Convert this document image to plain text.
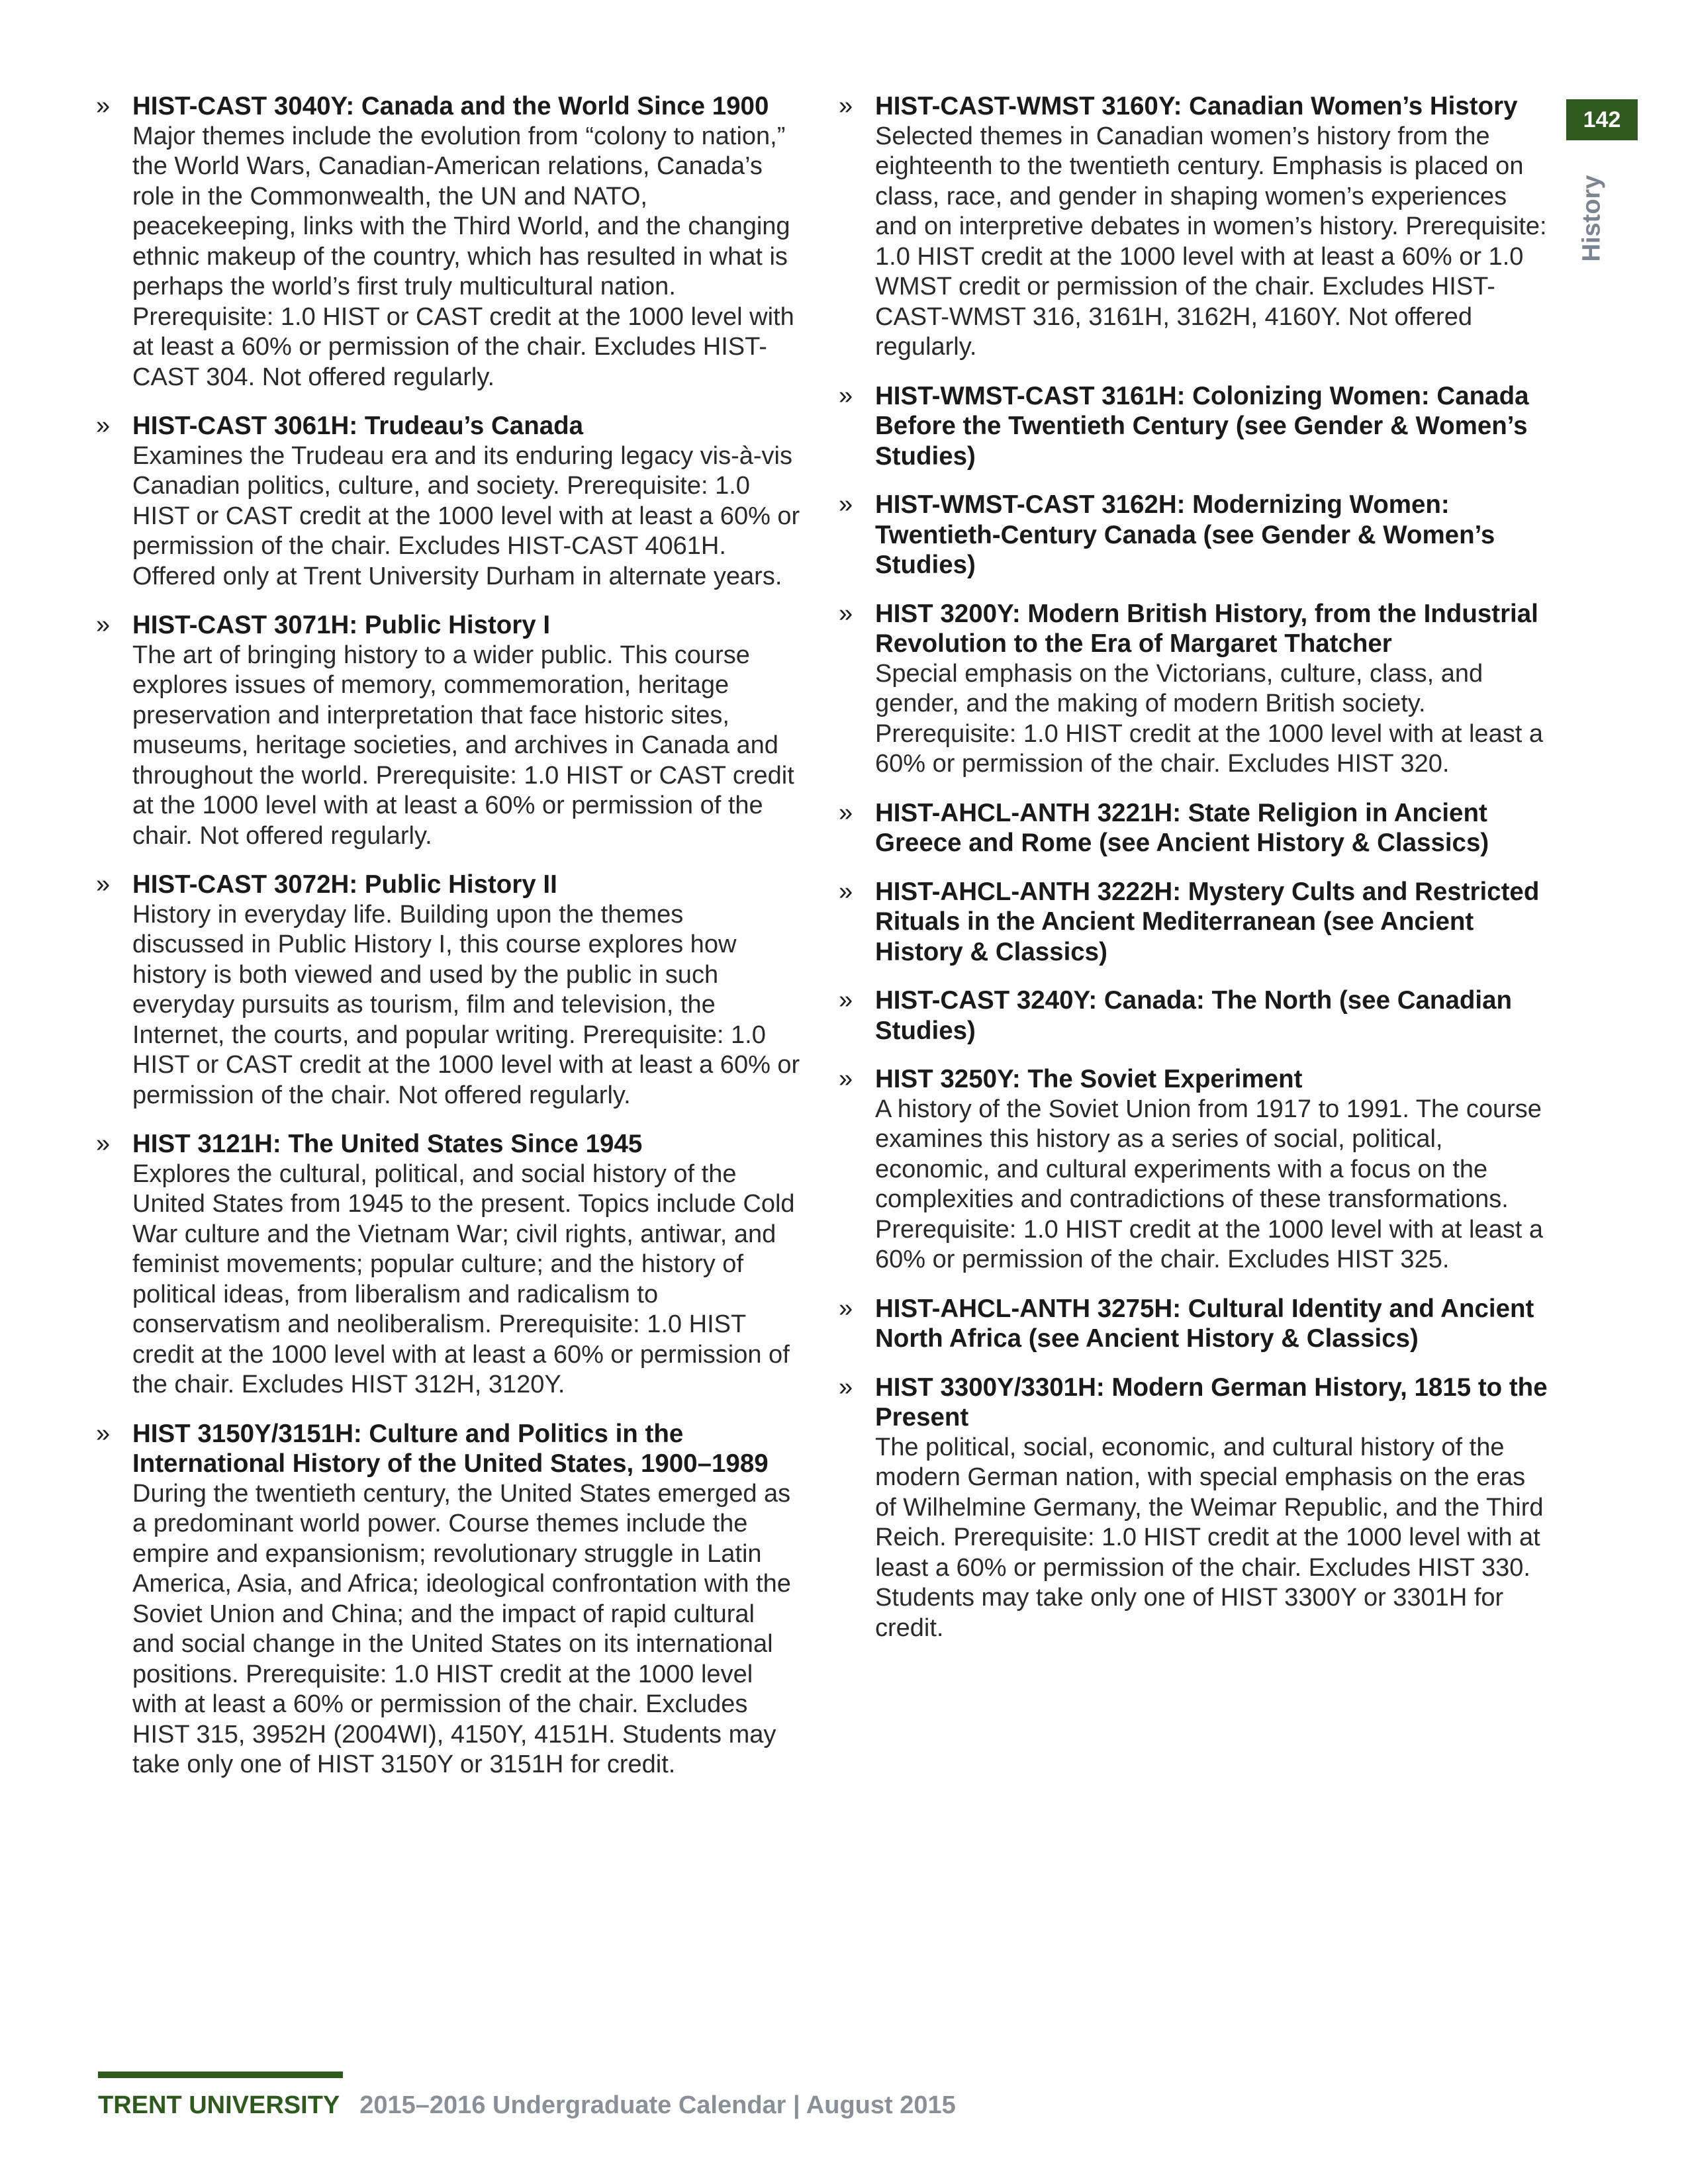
» HIST-CAST 3040Y: Canada and the World Since 1900
Major themes include the evolution from “colony to nation,” the World Wars, Canadian-American relations, Canada’s role in the Commonwealth, the UN and NATO, peacekeeping, links with the Third World, and the changing ethnic makeup of the country, which has resulted in what is perhaps the world’s first truly multicultural nation. Prerequisite: 1.0 HIST or CAST credit at the 1000 level with at least a 60% or permission of the chair. Excludes HIST-CAST 304. Not offered regularly.
» HIST-CAST 3061H: Trudeau’s Canada
Examines the Trudeau era and its enduring legacy vis-à-vis Canadian politics, culture, and society. Prerequisite: 1.0 HIST or CAST credit at the 1000 level with at least a 60% or permission of the chair. Excludes HIST-CAST 4061H. Offered only at Trent University Durham in alternate years.
» HIST-CAST 3071H: Public History I
The art of bringing history to a wider public. This course explores issues of memory, commemoration, heritage preservation and interpretation that face historic sites, museums, heritage societies, and archives in Canada and throughout the world. Prerequisite: 1.0 HIST or CAST credit at the 1000 level with at least a 60% or permission of the chair. Not offered regularly.
» HIST-CAST 3072H: Public History II
History in everyday life. Building upon the themes discussed in Public History I, this course explores how history is both viewed and used by the public in such everyday pursuits as tourism, film and television, the Internet, the courts, and popular writing. Prerequisite: 1.0 HIST or CAST credit at the 1000 level with at least a 60% or permission of the chair. Not offered regularly.
» HIST 3121H: The United States Since 1945
Explores the cultural, political, and social history of the United States from 1945 to the present. Topics include Cold War culture and the Vietnam War; civil rights, antiwar, and feminist movements; popular culture; and the history of political ideas, from liberalism and radicalism to conservatism and neoliberalism. Prerequisite: 1.0 HIST credit at the 1000 level with at least a 60% or permission of the chair. Excludes HIST 312H, 3120Y.
» HIST 3150Y/3151H: Culture and Politics in the International History of the United States, 1900–1989
During the twentieth century, the United States emerged as a predominant world power. Course themes include the empire and expansionism; revolutionary struggle in Latin America, Asia, and Africa; ideological confrontation with the Soviet Union and China; and the impact of rapid cultural and social change in the United States on its international positions. Prerequisite: 1.0 HIST credit at the 1000 level with at least a 60% or permission of the chair. Excludes HIST 315, 3952H (2004WI), 4150Y, 4151H. Students may take only one of HIST 3150Y or 3151H for credit.
» HIST-CAST-WMST 3160Y: Canadian Women’s History
Selected themes in Canadian women’s history from the eighteenth to the twentieth century. Emphasis is placed on class, race, and gender in shaping women’s experiences and on interpretive debates in women’s history. Prerequisite: 1.0 HIST credit at the 1000 level with at least a 60% or 1.0 WMST credit or permission of the chair. Excludes HIST-CAST-WMST 316, 3161H, 3162H, 4160Y. Not offered regularly.
» HIST-WMST-CAST 3161H: Colonizing Women: Canada Before the Twentieth Century (see Gender & Women’s Studies)
» HIST-WMST-CAST 3162H: Modernizing Women: Twentieth-Century Canada (see Gender & Women’s Studies)
» HIST 3200Y: Modern British History, from the Industrial Revolution to the Era of Margaret Thatcher
Special emphasis on the Victorians, culture, class, and gender, and the making of modern British society. Prerequisite: 1.0 HIST credit at the 1000 level with at least a 60% or permission of the chair. Excludes HIST 320.
» HIST-AHCL-ANTH 3221H: State Religion in Ancient Greece and Rome (see Ancient History & Classics)
» HIST-AHCL-ANTH 3222H: Mystery Cults and Restricted Rituals in the Ancient Mediterranean (see Ancient History & Classics)
» HIST-CAST 3240Y: Canada: The North (see Canadian Studies)
» HIST 3250Y: The Soviet Experiment
A history of the Soviet Union from 1917 to 1991. The course examines this history as a series of social, political, economic, and cultural experiments with a focus on the complexities and contradictions of these transformations. Prerequisite: 1.0 HIST credit at the 1000 level with at least a 60% or permission of the chair. Excludes HIST 325.
» HIST-AHCL-ANTH 3275H: Cultural Identity and Ancient North Africa (see Ancient History & Classics)
» HIST 3300Y/3301H: Modern German History, 1815 to the Present
The political, social, economic, and cultural history of the modern German nation, with special emphasis on the eras of Wilhelmine Germany, the Weimar Republic, and the Third Reich. Prerequisite: 1.0 HIST credit at the 1000 level with at least a 60% or permission of the chair. Excludes HIST 330. Students may take only one of HIST 3300Y or 3301H for credit.
142
History
TRENT UNIVERSITY 2015–2016 Undergraduate Calendar | August 2015
